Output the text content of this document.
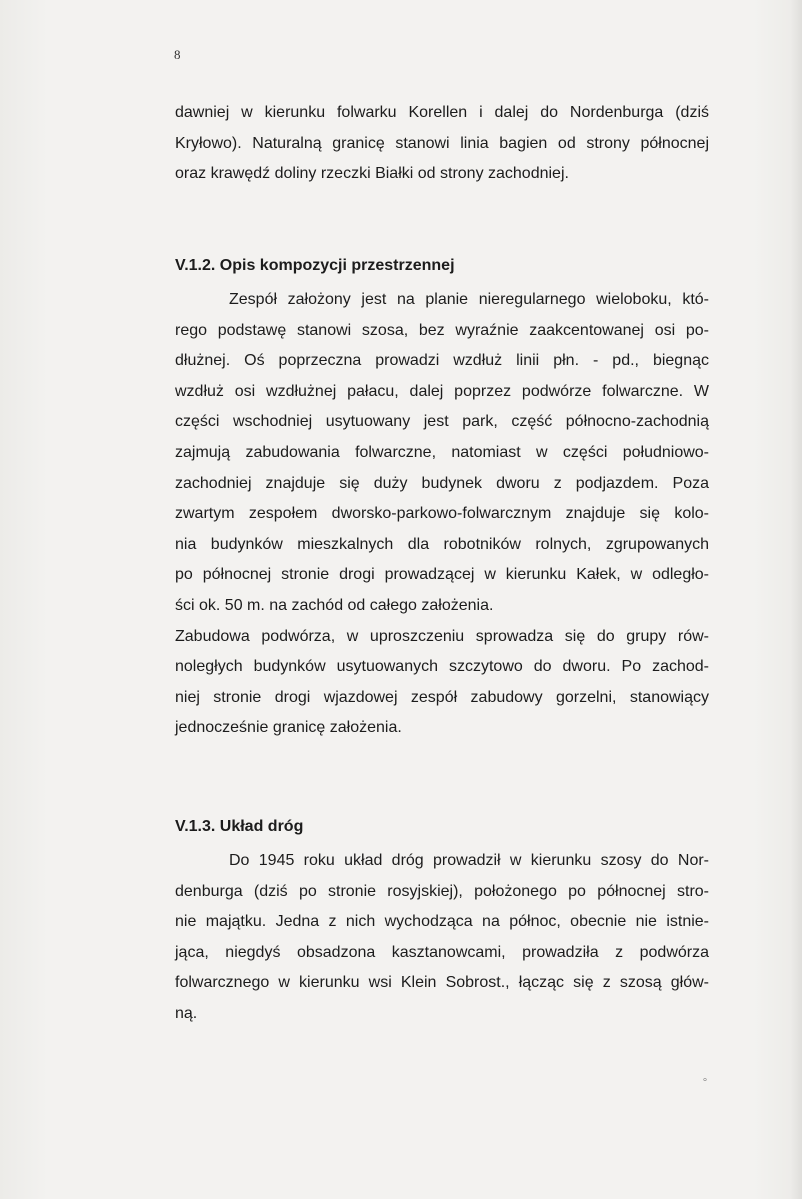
8
dawniej w kierunku folwarku Korellen i dalej do Nordenburga (dziś
Kryłowo). Naturalną granicę stanowi linia bagien od strony północnej
oraz krawędź doliny rzeczki Białki od strony zachodniej.
V.1.2. Opis kompozycji przestrzennej
Zespół założony jest na planie nieregularnego wieloboku, któ-
rego podstawę stanowi szosa, bez wyraźnie zaakcentowanej osi po-
dłużnej. Oś poprzeczna prowadzi wzdłuż linii płn. - pd., biegnąc
wzdłuż osi wzdłużnej pałacu, dalej poprzez podwórze folwarczne. W
części wschodniej usytuowany jest park, część północno-zachodnią
zajmują zabudowania folwarczne, natomiast w części południowo-
zachodniej znajduje się duży budynek dworu z podjazdem. Poza
zwartym zespołem dworsko-parkowo-folwarcznym znajduje się kolo-
nia budynków mieszkalnych dla robotników rolnych, zgrupowanych
po północnej stronie drogi prowadzącej w kierunku Kałek, w odległo-
ści ok. 50 m. na zachód od całego założenia.
Zabudowa podwórza, w uproszczeniu sprowadza się do grupy rów-
noległych budynków usytuowanych szczytowo do dworu. Po zachod-
niej stronie drogi wjazdowej zespół zabudowy gorzelni, stanowiący
jednocześnie granicę założenia.
V.1.3. Układ dróg
Do 1945 roku układ dróg prowadził w kierunku szosy do Nor-
denburga (dziś po stronie rosyjskiej), położonego po północnej stro-
nie majątku. Jedna z nich wychodząca na północ, obecnie nie istnie-
jąca, niegdyś obsadzona kasztanowcami, prowadziła z podwórza
folwarcznego w kierunku wsi Klein Sobrost., łącząc się z szosą głów-
ną.
°
